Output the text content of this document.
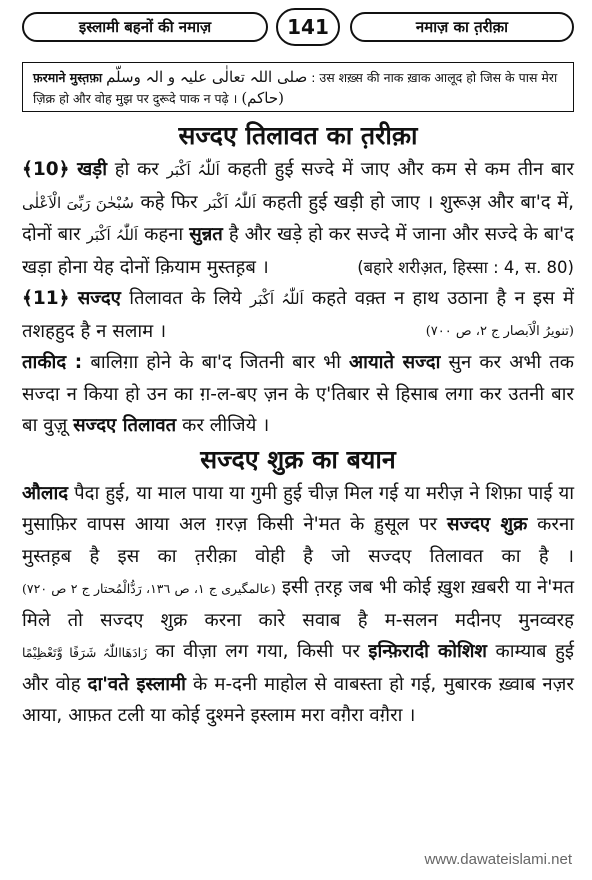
इस्लामी बहनों की नमाज़	141	नमाज़ का त़रीक़ा
फ़रमाने मुस्त़फ़ा صلی اللہ تعالٰی علیہ و الہ وسلّم : उस शख़्स की नाक ख़ाक आलूद हो जिस के पास मेरा ज़िक्र हो और वोह मुझ पर दुरूदे पाक न पढ़े । (حاکم)
सज्दए तिलावत का त़रीक़ा

﴾10﴿ खड़ी हो कर اَللّٰہُ اَکْبَر कहती हुई सज्दे में जाए और कम से कम तीन बार سُبْحٰنَ رَبِّیَ الْاَعْلٰی कहे फिर اَللّٰہُ اَکْبَر कहती हुई खड़ी हो जाए । शुरूअ़ और बा'द में, दोनों बार اَللّٰہُ اَکْبَر कहना सुन्नत है और खड़े हो कर सज्दे में जाना और सज्दे के बा'द खड़ा होना येह दोनों क़ियाम मुस्तह़ब ।	(बहारे शरीअ़त, हिस्सा : 4, स. 80)

﴾11﴿ सज्दए तिलावत के लिये اَللّٰہُ اَکْبَر कहते वक़्त न हाथ उठाना है न इस में तशहहुद है न सलाम ।	(تنویرُ الْاَبصار ج ٢، ص ٧٠٠)

ताकीद : बालिग़ा होने के बा'द जितनी बार भी आयाते सज्दा सुन कर अभी तक सज्दा न किया हो उन का ग़-ल-बए ज़न के ए'तिबार से हिसाब लगा कर उतनी बार बा वुज़ू सज्दए तिलावत कर लीजिये ।

सज्दए शुक्र का बयान

औलाद पैदा हुई, या माल पाया या गुमी हुई चीज़ मिल गई या मरीज़ ने शिफ़ा पाई या मुसाफ़िर वापस आया अल ग़रज़ किसी ने'मत के ह़ुसूल पर सज्दए शुक्र करना मुस्तह़ब है इस का त़रीक़ा वोही है जो सज्दए तिलावत का है । (عالمگیری ج ١، ص ١٣٦، رَدُّالْمُحتار ج ٢ ص ٧٢٠) इसी त़रह़ जब भी कोई ख़ुश ख़बरी या ने'मत मिले तो सज्दए शुक्र करना कारे सवाब है म-सलन मदीनए मुनव्वरह زَادَھَااللّٰہُ شَرَفًا وَّتَعْظِیْمًا का वीज़ा लग गया, किसी पर इन्फ़िरादी कोशिश काम्याब हुई और वोह दा'वते इस्लामी के म-दनी माहोल से वाबस्ता हो गई, मुबारक ख़्वाब नज़र आया, आफ़त टली या कोई दुश्मने इस्लाम मरा वग़ैरा वग़ैरा ।

www.dawateislami.net
